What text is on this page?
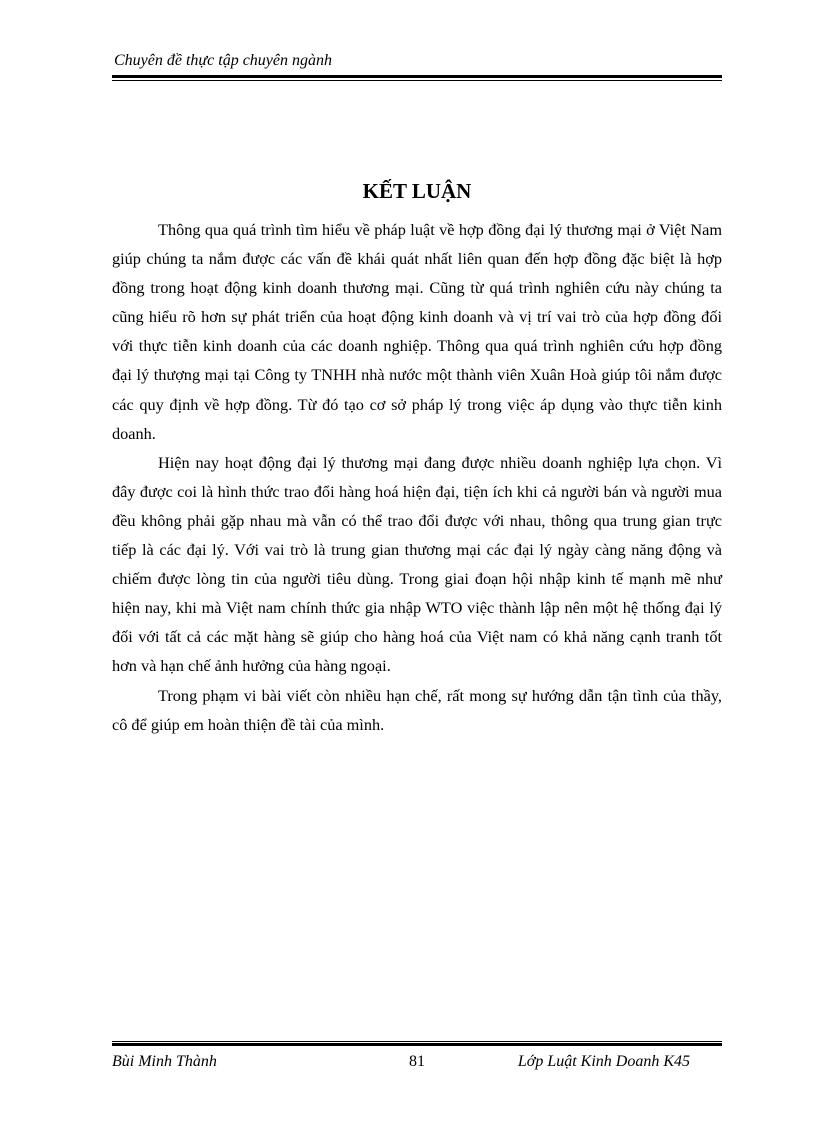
Chuyên đề thực tập chuyên ngành
KẾT LUẬN

Thông qua quá trình tìm hiểu về pháp luật về hợp đồng đại lý thương mại ở Việt Nam giúp chúng ta nắm được các vấn đề khái quát nhất liên quan đến hợp đồng đặc biệt là hợp đồng trong hoạt động kinh doanh thương mại. Cũng từ quá trình nghiên cứu này chúng ta cũng hiểu rõ hơn sự phát triển của hoạt động kinh doanh và vị trí vai trò của hợp đồng đối với thực tiễn kinh doanh của các doanh nghiệp. Thông qua quá trình nghiên cứu hợp đồng đại lý thượng mại tại Công ty TNHH nhà nước một thành viên Xuân Hoà giúp tôi nắm được các quy định về hợp đồng. Từ đó tạo cơ sở pháp lý trong việc áp dụng vào thực tiễn kinh doanh.

Hiện nay hoạt động đại lý thương mại đang được nhiều doanh nghiệp lựa chọn. Vì đây được coi là hình thức trao đổi hàng hoá hiện đại, tiện ích khi cả người bán và người mua đều không phải gặp nhau mà vẫn có thể trao đổi được với nhau, thông qua trung gian trực tiếp là các đại lý. Với vai trò là trung gian thương mại các đại lý ngày càng năng động và chiếm được lòng tin của người tiêu dùng. Trong giai đoạn hội nhập kinh tế mạnh mẽ như hiện nay, khi mà Việt nam chính thức gia nhập WTO việc thành lập nên một hệ thống đại lý đối với tất cả các mặt hàng sẽ giúp cho hàng hoá của Việt nam có khả năng cạnh tranh tốt hơn và hạn chế ảnh hưởng của hàng ngoại.

Trong phạm vi bài viết còn nhiều hạn chế, rất mong sự hướng dẫn tận tình của thầy, cô để giúp em hoàn thiện đề tài của mình.

Bùi Minh Thành	81	Lớp Luật Kinh Doanh K45
